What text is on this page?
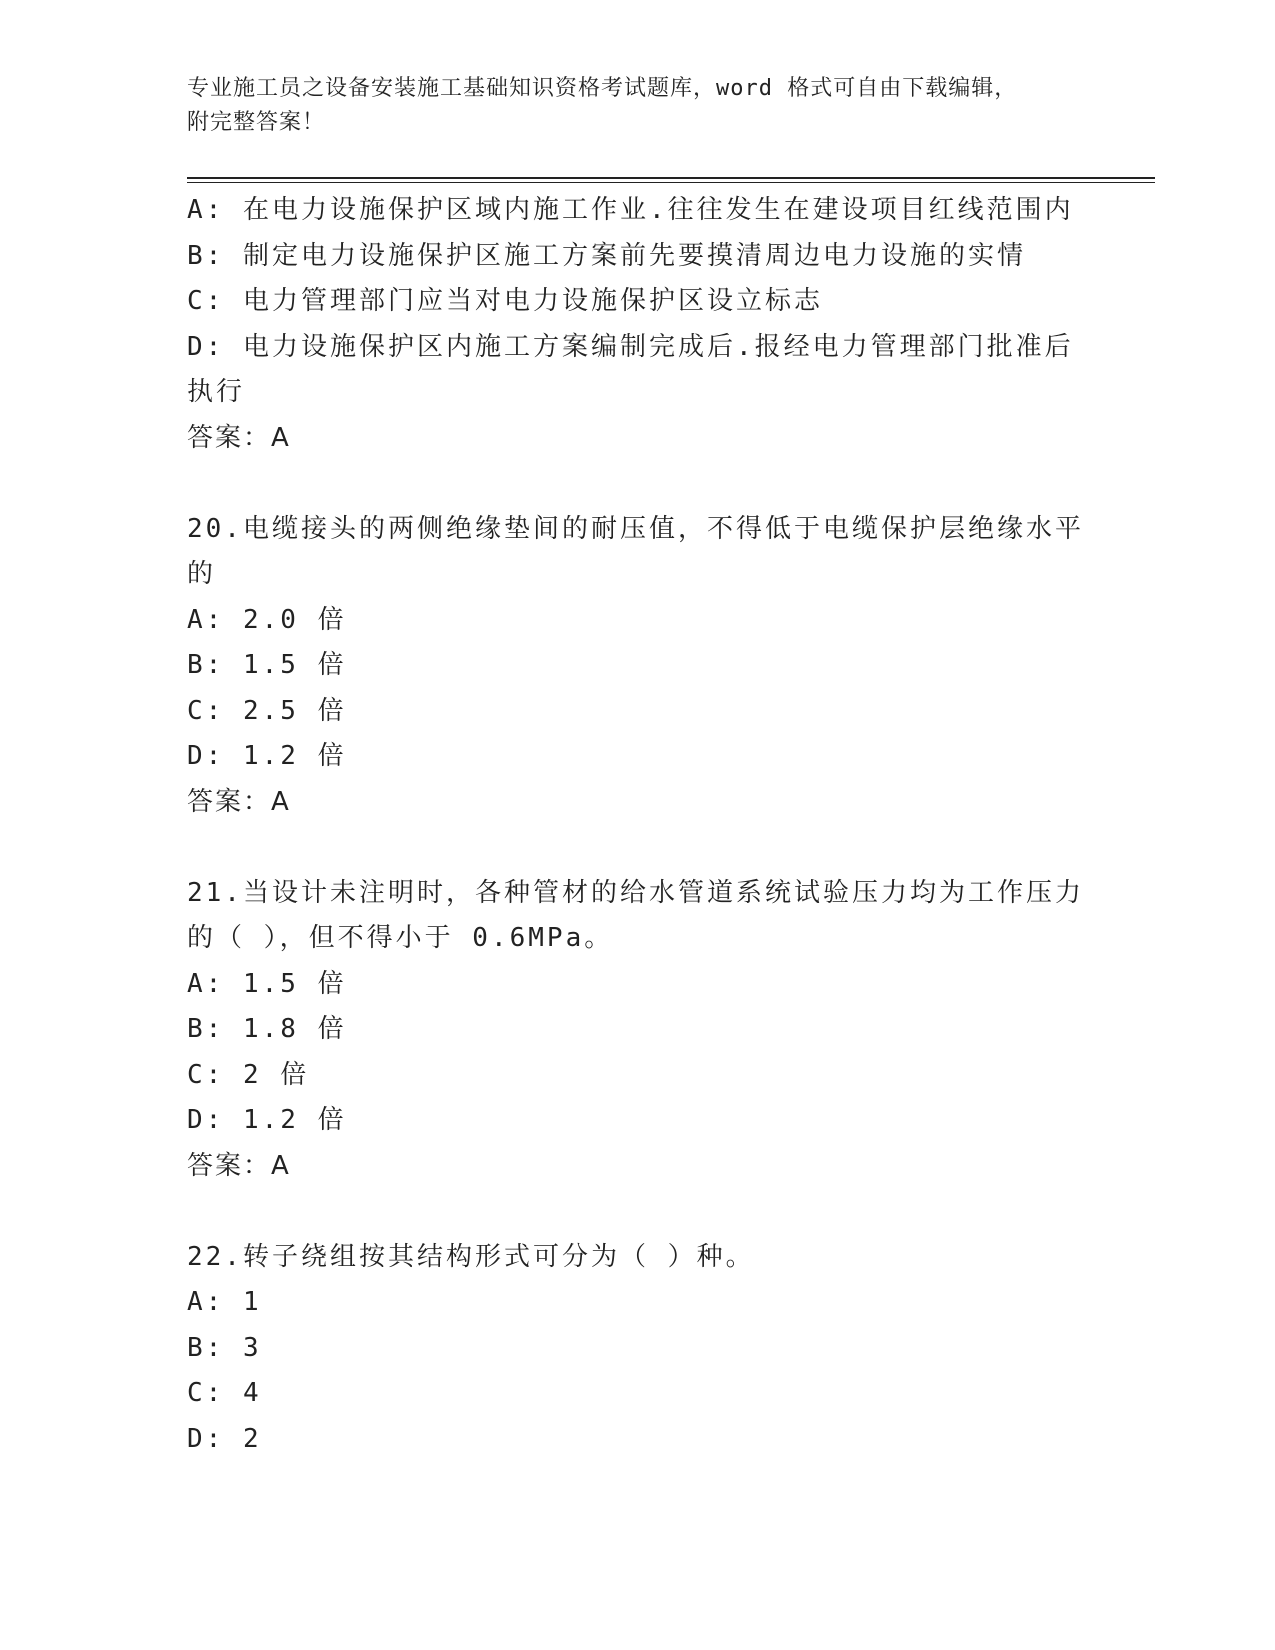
专业施工员之设备安装施工基础知识资格考试题库，word 格式可自由下载编辑，
附完整答案！
A: 在电力设施保护区域内施工作业.往往发生在建设项目红线范围内
B: 制定电力设施保护区施工方案前先要摸清周边电力设施的实情
C: 电力管理部门应当对电力设施保护区设立标志
D: 电力设施保护区内施工方案编制完成后.报经电力管理部门批准后
执行
答案：A
20.电缆接头的两侧绝缘垫间的耐压值，不得低于电缆保护层绝缘水平
的
A: 2.0 倍
B: 1.5 倍
C: 2.5 倍
D: 1.2 倍
答案：A
21.当设计未注明时，各种管材的给水管道系统试验压力均为工作压力
的（ ），但不得小于 0.6MPa。
A: 1.5 倍
B: 1.8 倍
C: 2 倍
D: 1.2 倍
答案：A
22.转子绕组按其结构形式可分为（ ）种。
A: 1
B: 3
C: 4
D: 2
